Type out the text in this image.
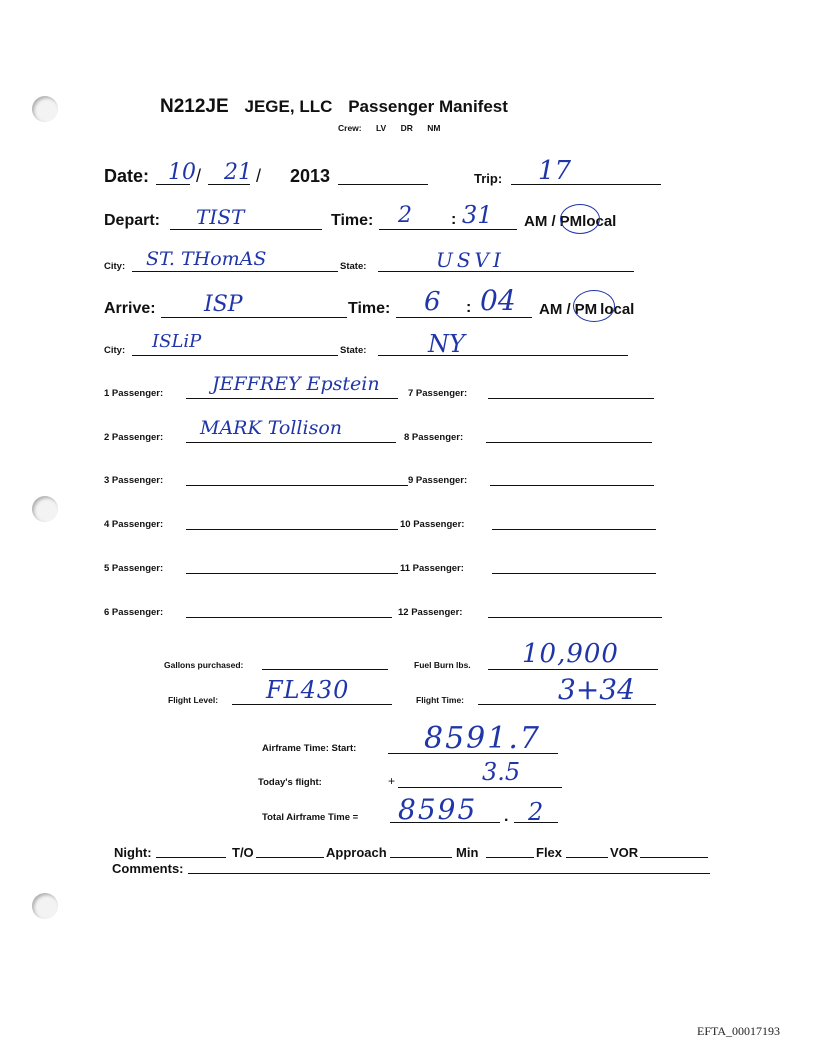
N212JE JEGE, LLC Passenger Manifest
Crew: LV DR NM
Date: 10 / 21 / 2013	Trip: 17
Depart: TIST	Time: 2 : 31 AM / PMlocal
City: ST. THomAS	State:	USVI
Arrive: ISP	Time: 6 : 04 AM / PM local
City: ISLiP	State:	NY
1 Passenger:	JEFFREY Epstein	7 Passenger:
2 Passenger: MARK Tollison	8 Passenger:
3 Passenger:	9 Passenger:
4 Passenger:	10 Passenger:
5 Passenger:	11 Passenger:
6 Passenger:	12 Passenger:
Gallons purchased:	Fuel Burn lbs. 10,900
Flight Level: FL430	Flight Time:	3+34
Airframe Time: Start: 8591.7
Today's flight:	+	3.5
Total Airframe Time = 8595 . 2
Night:	T/O	Approach	Min	Flex	VOR
Comments:
EFTA_00017193
